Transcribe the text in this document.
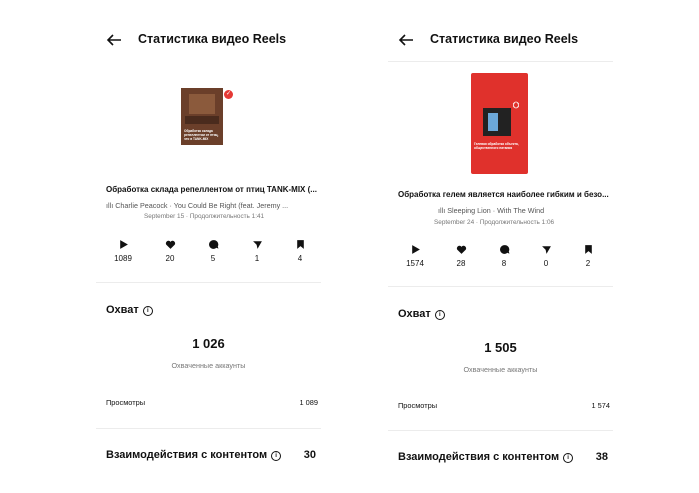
Статистика видео Reels
Обработка склада репеллентом от птиц, что в TANK-MIX
✓
Обработка склада репеллентом от птиц TANK-MIX (...
ıllı Charlie Peacock · You Could Be Right (feat. Jeremy ...
September 15 · Продолжительность 1:41
1089	20	5	1	4
Охват i
1 026
Охваченные аккаунты
Просмотры	1 089
Взаимодействия с контентом i 30
Статистика видео Reels
Гелевая обработка объекта, общественного питания
Обработка гелем является наиболее гибким и безо...
ıllı Sleeping Lion · With The Wind
September 24 · Продолжительность 1:06
1574	28	8	0	2
Охват i
1 505
Охваченные аккаунты
Просмотры	1 574
Взаимодействия с контентом i 38
